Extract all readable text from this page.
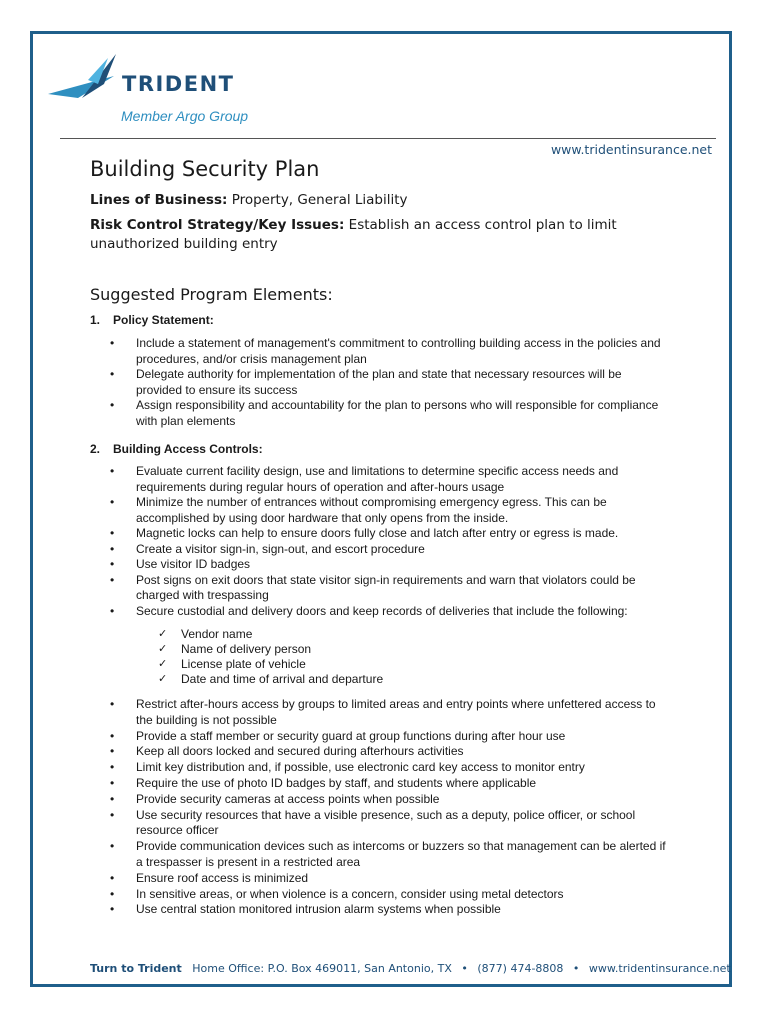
TRIDENT
Member Argo Group
www.tridentinsurance.net
Building Security Plan
Lines of Business: Property, General Liability
Risk Control Strategy/Key Issues: Establish an access control plan to limit unauthorized building entry
Suggested Program Elements:
1. Policy Statement:
• Include a statement of management's commitment to controlling building access in the policies and procedures, and/or crisis management plan
• Delegate authority for implementation of the plan and state that necessary resources will be provided to ensure its success
• Assign responsibility and accountability for the plan to persons who will responsible for compliance with plan elements
2. Building Access Controls:
• Evaluate current facility design, use and limitations to determine specific access needs and requirements during regular hours of operation and after-hours usage
• Minimize the number of entrances without compromising emergency egress. This can be accomplished by using door hardware that only opens from the inside.
• Magnetic locks can help to ensure doors fully close and latch after entry or egress is made.
• Create a visitor sign-in, sign-out, and escort procedure
• Use visitor ID badges
• Post signs on exit doors that state visitor sign-in requirements and warn that violators could be charged with trespassing
• Secure custodial and delivery doors and keep records of deliveries that include the following:
✓ Vendor name
✓ Name of delivery person
✓ License plate of vehicle
✓ Date and time of arrival and departure
• Restrict after-hours access by groups to limited areas and entry points where unfettered access to the building is not possible
• Provide a staff member or security guard at group functions during after hour use
• Keep all doors locked and secured during afterhours activities
• Limit key distribution and, if possible, use electronic card key access to monitor entry
• Require the use of photo ID badges by staff, and students where applicable
• Provide security cameras at access points when possible
• Use security resources that have a visible presence, such as a deputy, police officer, or school resource officer
• Provide communication devices such as intercoms or buzzers so that management can be alerted if a trespasser is present in a restricted area
• Ensure roof access is minimized
• In sensitive areas, or when violence is a concern, consider using metal detectors
• Use central station monitored intrusion alarm systems when possible
Turn to Trident Home Office: P.O. Box 469011, San Antonio, TX • (877) 474-8808 • www.tridentinsurance.net
